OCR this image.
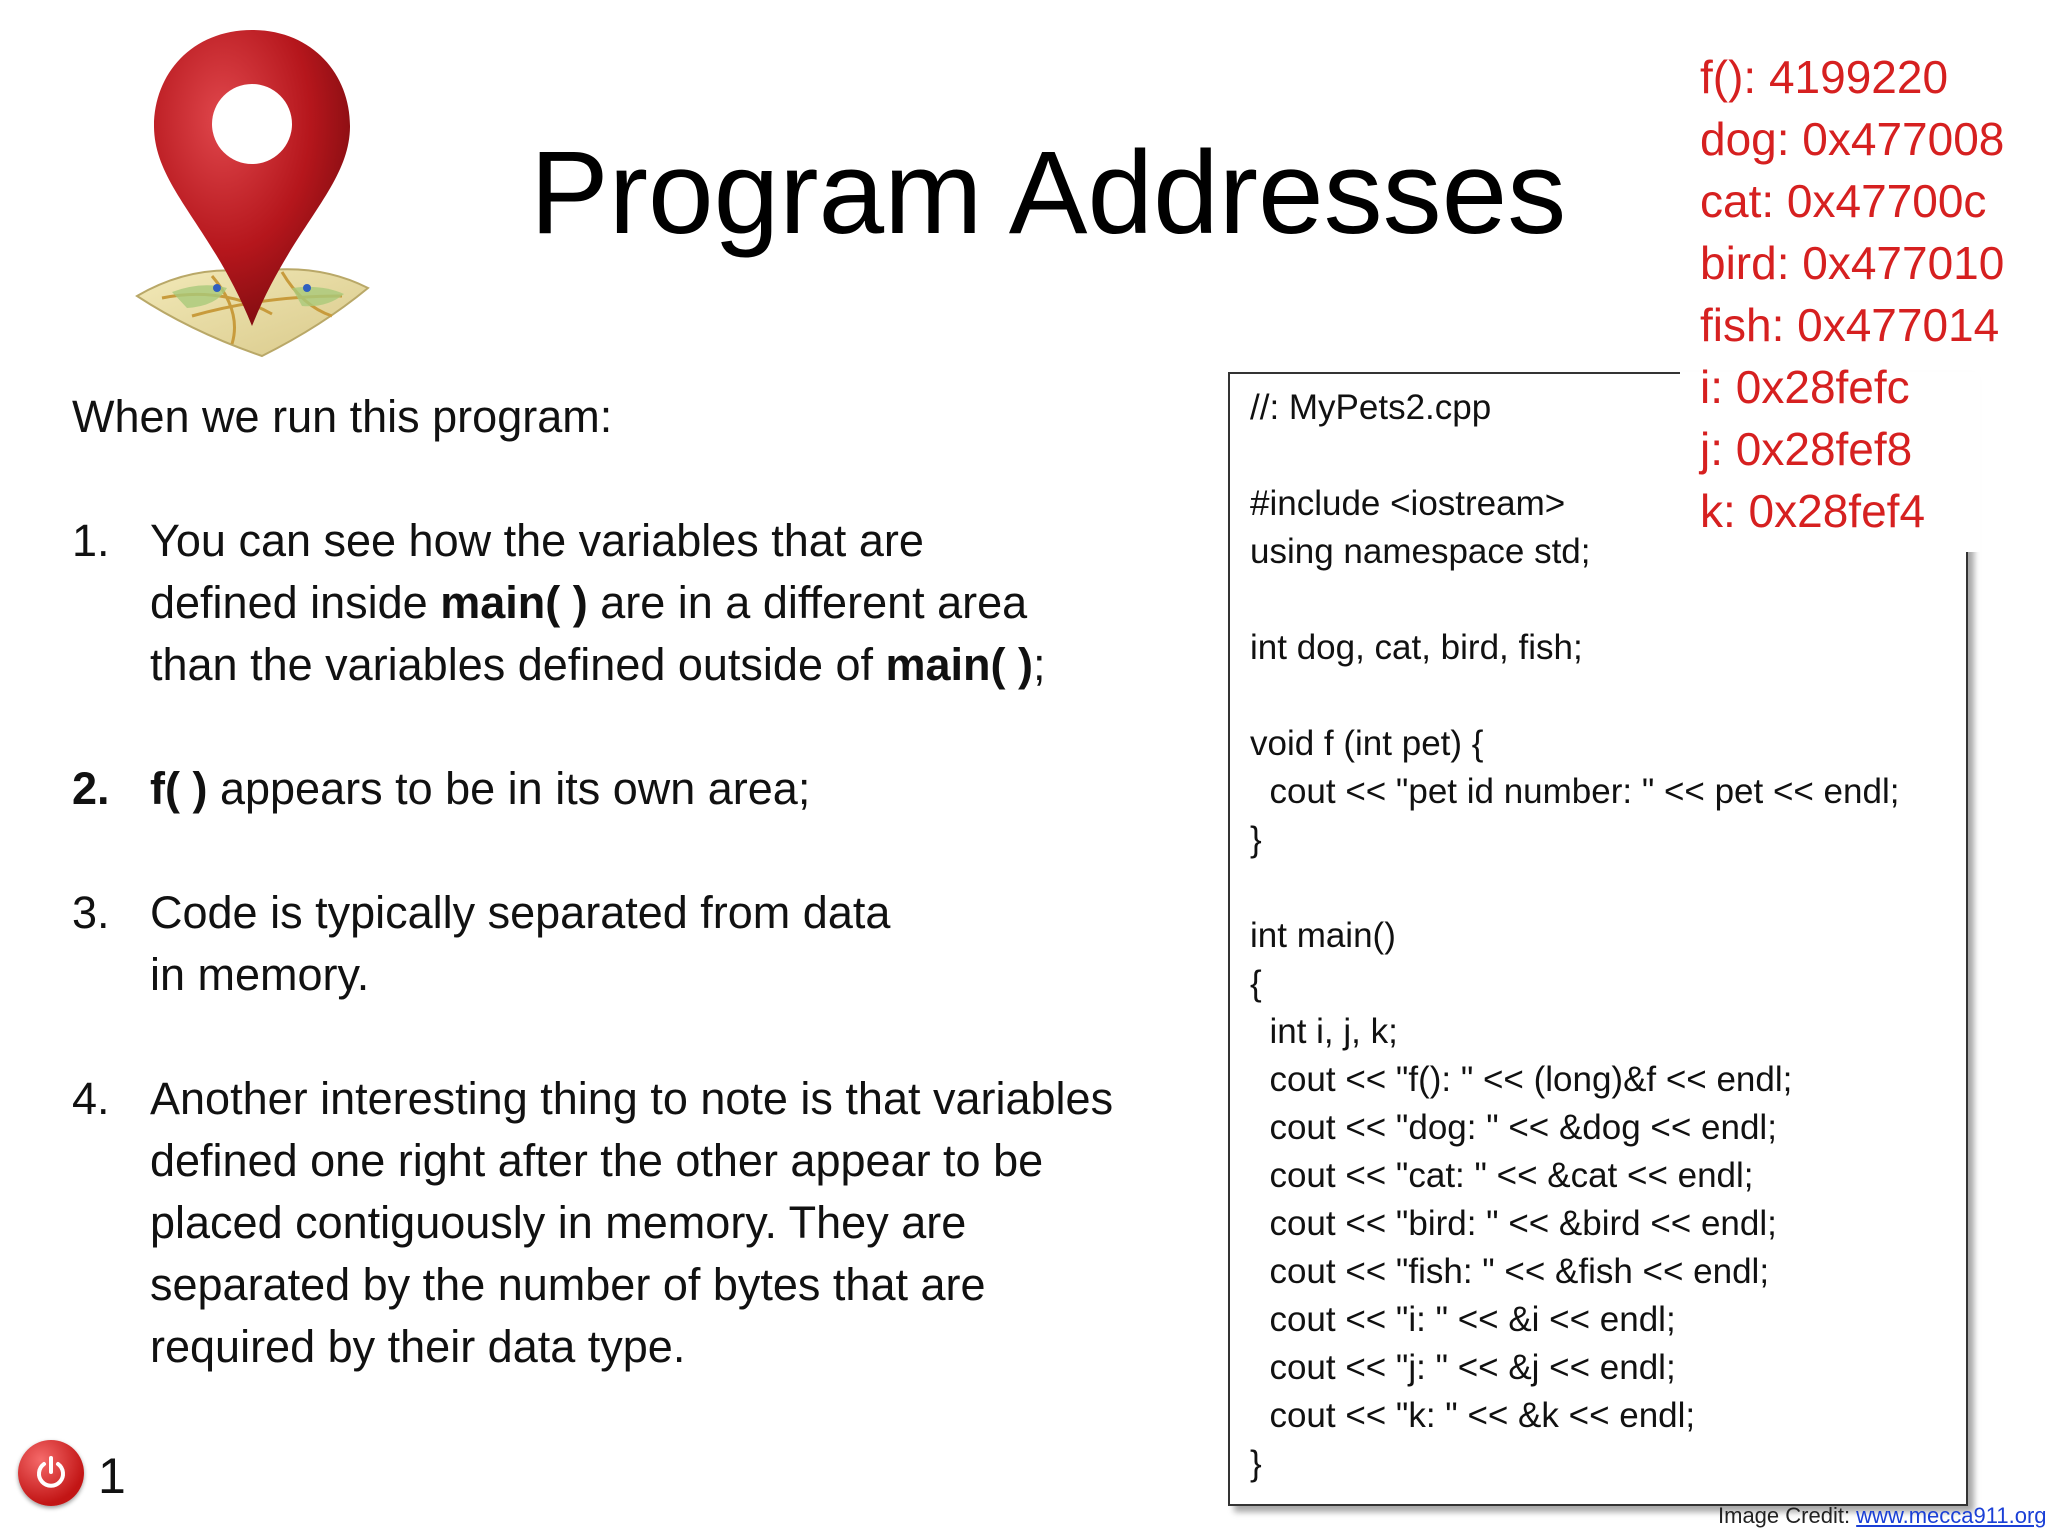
Program Addresses
When we run this program:
1. You can see how the variables that are
defined inside main( ) are in a different area
than the variables defined outside of main( );
2. f( ) appears to be in its own area;
3. Code is typically separated from data
in memory.
4. Another interesting thing to note is that variables
defined one right after the other appear to be
placed contiguously in memory. They are
separated by the number of bytes that are
required by their data type.
//: MyPets2.cpp

#include <iostream>
using namespace std;

int dog, cat, bird, fish;

void f (int pet) {
cout << "pet id number: " << pet << endl;
}

int main()
{
int i, j, k;
cout << "f(): " << (long)&f << endl;
cout << "dog: " << &dog << endl;
cout << "cat: " << &cat << endl;
cout << "bird: " << &bird << endl;
cout << "fish: " << &fish << endl;
cout << "i: " << &i << endl;
cout << "j: " << &j << endl;
cout << "k: " << &k << endl;
}
f(): 4199220
dog: 0x477008
cat: 0x47700c
bird: 0x477010
fish: 0x477014
i: 0x28fefc
j: 0x28fef8
k: 0x28fef4
1
Image Credit: www.mecca911.org
